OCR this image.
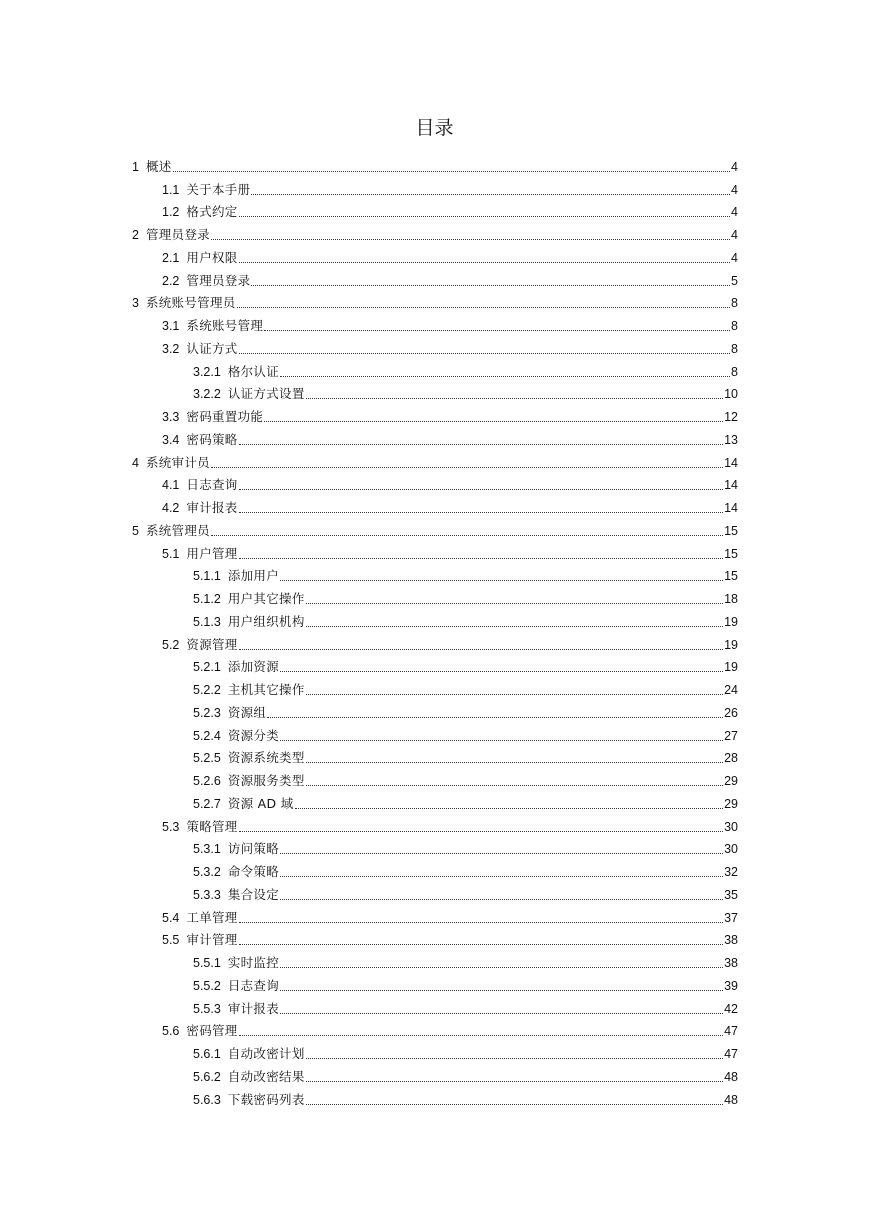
目录
1 概述	4
1.1 关于本手册	4
1.2 格式约定	4
2 管理员登录	4
2.1 用户权限	4
2.2 管理员登录	5
3 系统账号管理员	8
3.1 系统账号管理	8
3.2 认证方式	8
3.2.1 格尔认证	8
3.2.2 认证方式设置	10
3.3 密码重置功能	12
3.4 密码策略	13
4 系统审计员	14
4.1 日志查询	14
4.2 审计报表	14
5 系统管理员	15
5.1 用户管理	15
5.1.1 添加用户	15
5.1.2 用户其它操作	18
5.1.3 用户组织机构	19
5.2 资源管理	19
5.2.1 添加资源	19
5.2.2 主机其它操作	24
5.2.3 资源组	26
5.2.4 资源分类	27
5.2.5 资源系统类型	28
5.2.6 资源服务类型	29
5.2.7 资源 AD 域	29
5.3 策略管理	30
5.3.1 访问策略	30
5.3.2 命令策略	32
5.3.3 集合设定	35
5.4 工单管理	37
5.5 审计管理	38
5.5.1 实时监控	38
5.5.2 日志查询	39
5.5.3 审计报表	42
5.6 密码管理	47
5.6.1 自动改密计划	47
5.6.2 自动改密结果	48
5.6.3 下载密码列表	48
